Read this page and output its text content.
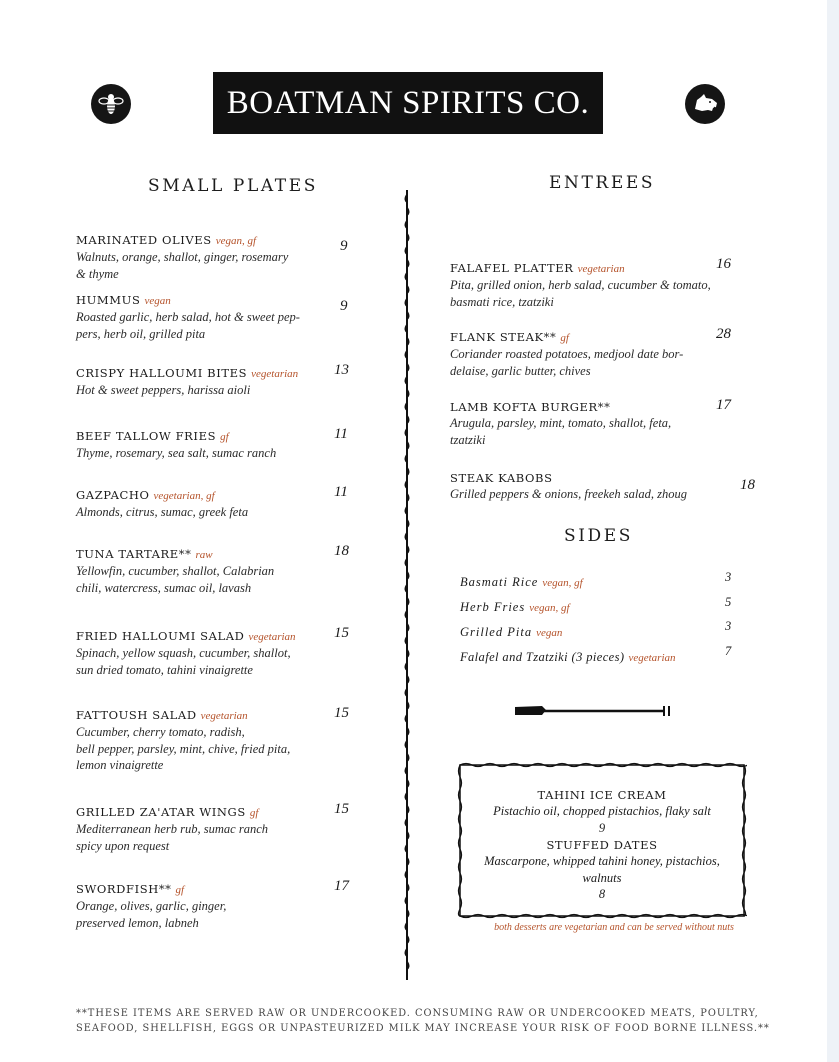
BOATMAN SPIRITS CO.
SMALL PLATES	ENTREES
SIDES
MARINATED OLIVES vegan, gf
Walnuts, orange, shallot, ginger, rosemary
& thyme
9
HUMMUS vegan
Roasted garlic, herb salad, hot & sweet pep-
pers, herb oil, grilled pita
9
CRISPY HALLOUMI BITES vegetarian
Hot & sweet peppers, harissa aioli
13
BEEF TALLOW FRIES gf
Thyme, rosemary, sea salt, sumac ranch
11
GAZPACHO vegetarian, gf
Almonds, citrus, sumac, greek feta
11
TUNA TARTARE** raw
Yellowfin, cucumber, shallot, Calabrian
chili, watercress, sumac oil, lavash
18
FRIED HALLOUMI SALAD vegetarian
Spinach, yellow squash, cucumber, shallot,
sun dried tomato, tahini vinaigrette
15
FATTOUSH SALAD vegetarian
Cucumber, cherry tomato, radish,
bell pepper, parsley, mint, chive, fried pita,
lemon vinaigrette
15
GRILLED ZA'ATAR WINGS gf
Mediterranean herb rub, sumac ranch
spicy upon request
15
SWORDFISH** gf
Orange, olives, garlic, ginger,
preserved lemon, labneh
17
FALAFEL PLATTER vegetarian
Pita, grilled onion, herb salad, cucumber & tomato,
basmati rice, tzatziki
16
FLANK STEAK** gf
Coriander roasted potatoes, medjool date bor-
delaise, garlic butter, chives
28
LAMB KOFTA BURGER**
Arugula, parsley, mint, tomato, shallot, feta,
tzatziki
17
STEAK KABOBS
Grilled peppers & onions, freekeh salad, zhoug
18
Basmati Rice vegan, gf	3
Herb Fries vegan, gf	5
Grilled Pita vegan	3
Falafel and Tzatziki (3 pieces) vegetarian	7
TAHINI ICE CREAM
Pistachio oil, chopped pistachios, flaky salt
9
STUFFED DATES
Mascarpone, whipped tahini honey, pistachios,
walnuts
8
both desserts are vegetarian and can be served without nuts
**THESE ITEMS ARE SERVED RAW OR UNDERCOOKED. CONSUMING RAW OR UNDERCOOKED MEATS, POULTRY,
SEAFOOD, SHELLFISH, EGGS OR UNPASTEURIZED MILK MAY INCREASE YOUR RISK OF FOOD BORNE ILLNESS.**
